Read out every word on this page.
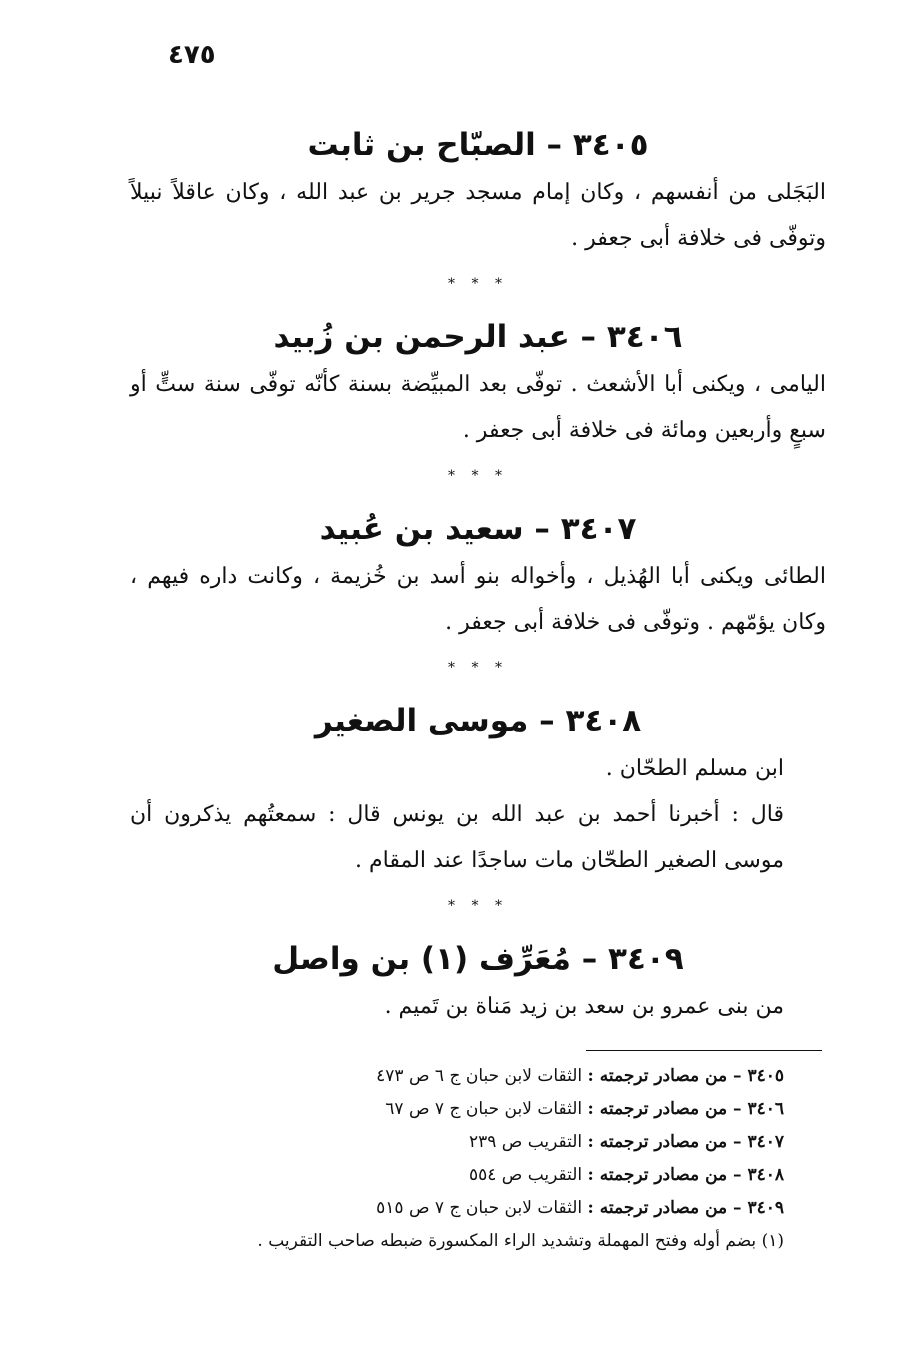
٤٧٥
٣٤٠٥ – الصبّاح بن ثابت

البَجَلى من أنفسهم ، وكان إمام مسجد جرير بن عبد الله ، وكان عاقلاً نبيلاً وتوفّى فى خلافة أبى جعفر .

* * *
٣٤٠٦ – عبد الرحمن بن زُبيد

اليامى ، ويكنى أبا الأشعث . توفّى بعد المبيِّضة بسنة كأنّه توفّى سنة ستٍّ أو سبعٍ وأربعين ومائة فى خلافة أبى جعفر .

* * *
٣٤٠٧ – سعيد بن عُبيد

الطائى ويكنى أبا الهُذيل ، وأخواله بنو أسد بن خُزيمة ، وكانت داره فيهم ، وكان يؤمّهم . وتوفّى فى خلافة أبى جعفر .

* * *
٣٤٠٨ – موسى الصغير

ابن مسلم الطحّان .

قال : أخبرنا أحمد بن عبد الله بن يونس قال : سمعتُهم يذكرون أن موسى الصغير الطحّان مات ساجدًا عند المقام .

* * *
٣٤٠٩ – مُعَرِّف (١) بن واصل

من بنى عمرو بن سعد بن زيد مَناة بن تَميم .

٣٤٠٥ – من مصادر ترجمته : الثقات لابن حبان ج ٦ ص ٤٧٣
٣٤٠٦ – من مصادر ترجمته : الثقات لابن حبان ج ٧ ص ٦٧
٣٤٠٧ – من مصادر ترجمته : التقريب ص ٢٣٩
٣٤٠٨ – من مصادر ترجمته : التقريب ص ٥٥٤
٣٤٠٩ – من مصادر ترجمته : الثقات لابن حبان ج ٧ ص ٥١٥
(١) بضم أوله وفتح المهملة وتشديد الراء المكسورة ضبطه صاحب التقريب .
